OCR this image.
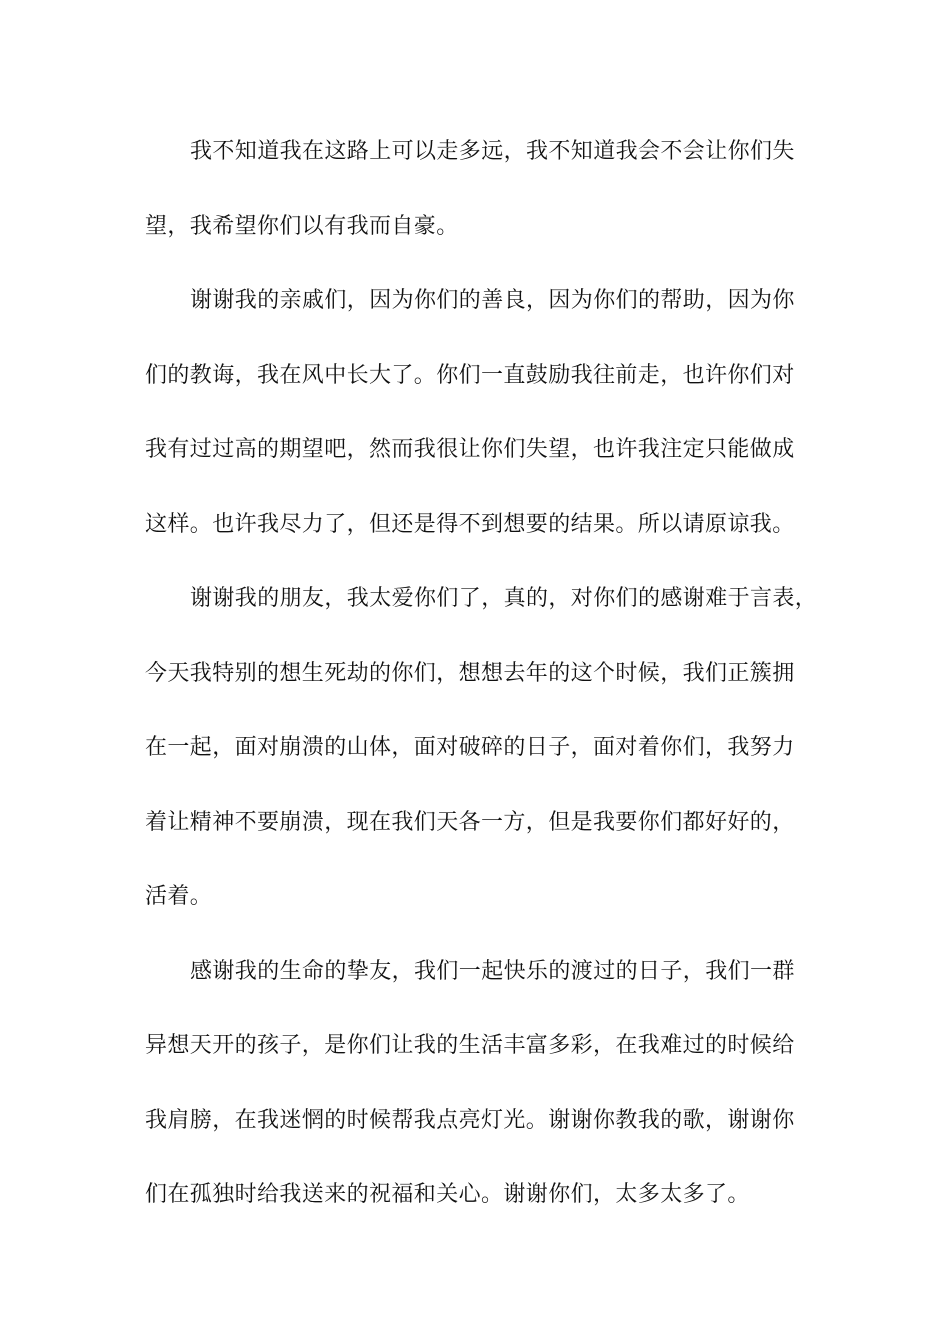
我不知道我在这路上可以走多远，我不知道我会不会让你们失
望，我希望你们以有我而自豪。
谢谢我的亲戚们，因为你们的善良，因为你们的帮助，因为你
们的教诲，我在风中长大了。你们一直鼓励我往前走，也许你们对
我有过过高的期望吧，然而我很让你们失望，也许我注定只能做成
这样。也许我尽力了，但还是得不到想要的结果。所以请原谅我。
谢谢我的朋友，我太爱你们了，真的，对你们的感谢难于言表，
今天我特别的想生死劫的你们，想想去年的这个时候，我们正簇拥
在一起，面对崩溃的山体，面对破碎的日子，面对着你们，我努力
着让精神不要崩溃，现在我们天各一方，但是我要你们都好好的，
活着。
感谢我的生命的挚友，我们一起快乐的渡过的日子，我们一群
异想天开的孩子，是你们让我的生活丰富多彩，在我难过的时候给
我肩膀，在我迷惘的时候帮我点亮灯光。谢谢你教我的歌，谢谢你
们在孤独时给我送来的祝福和关心。谢谢你们，太多太多了。
